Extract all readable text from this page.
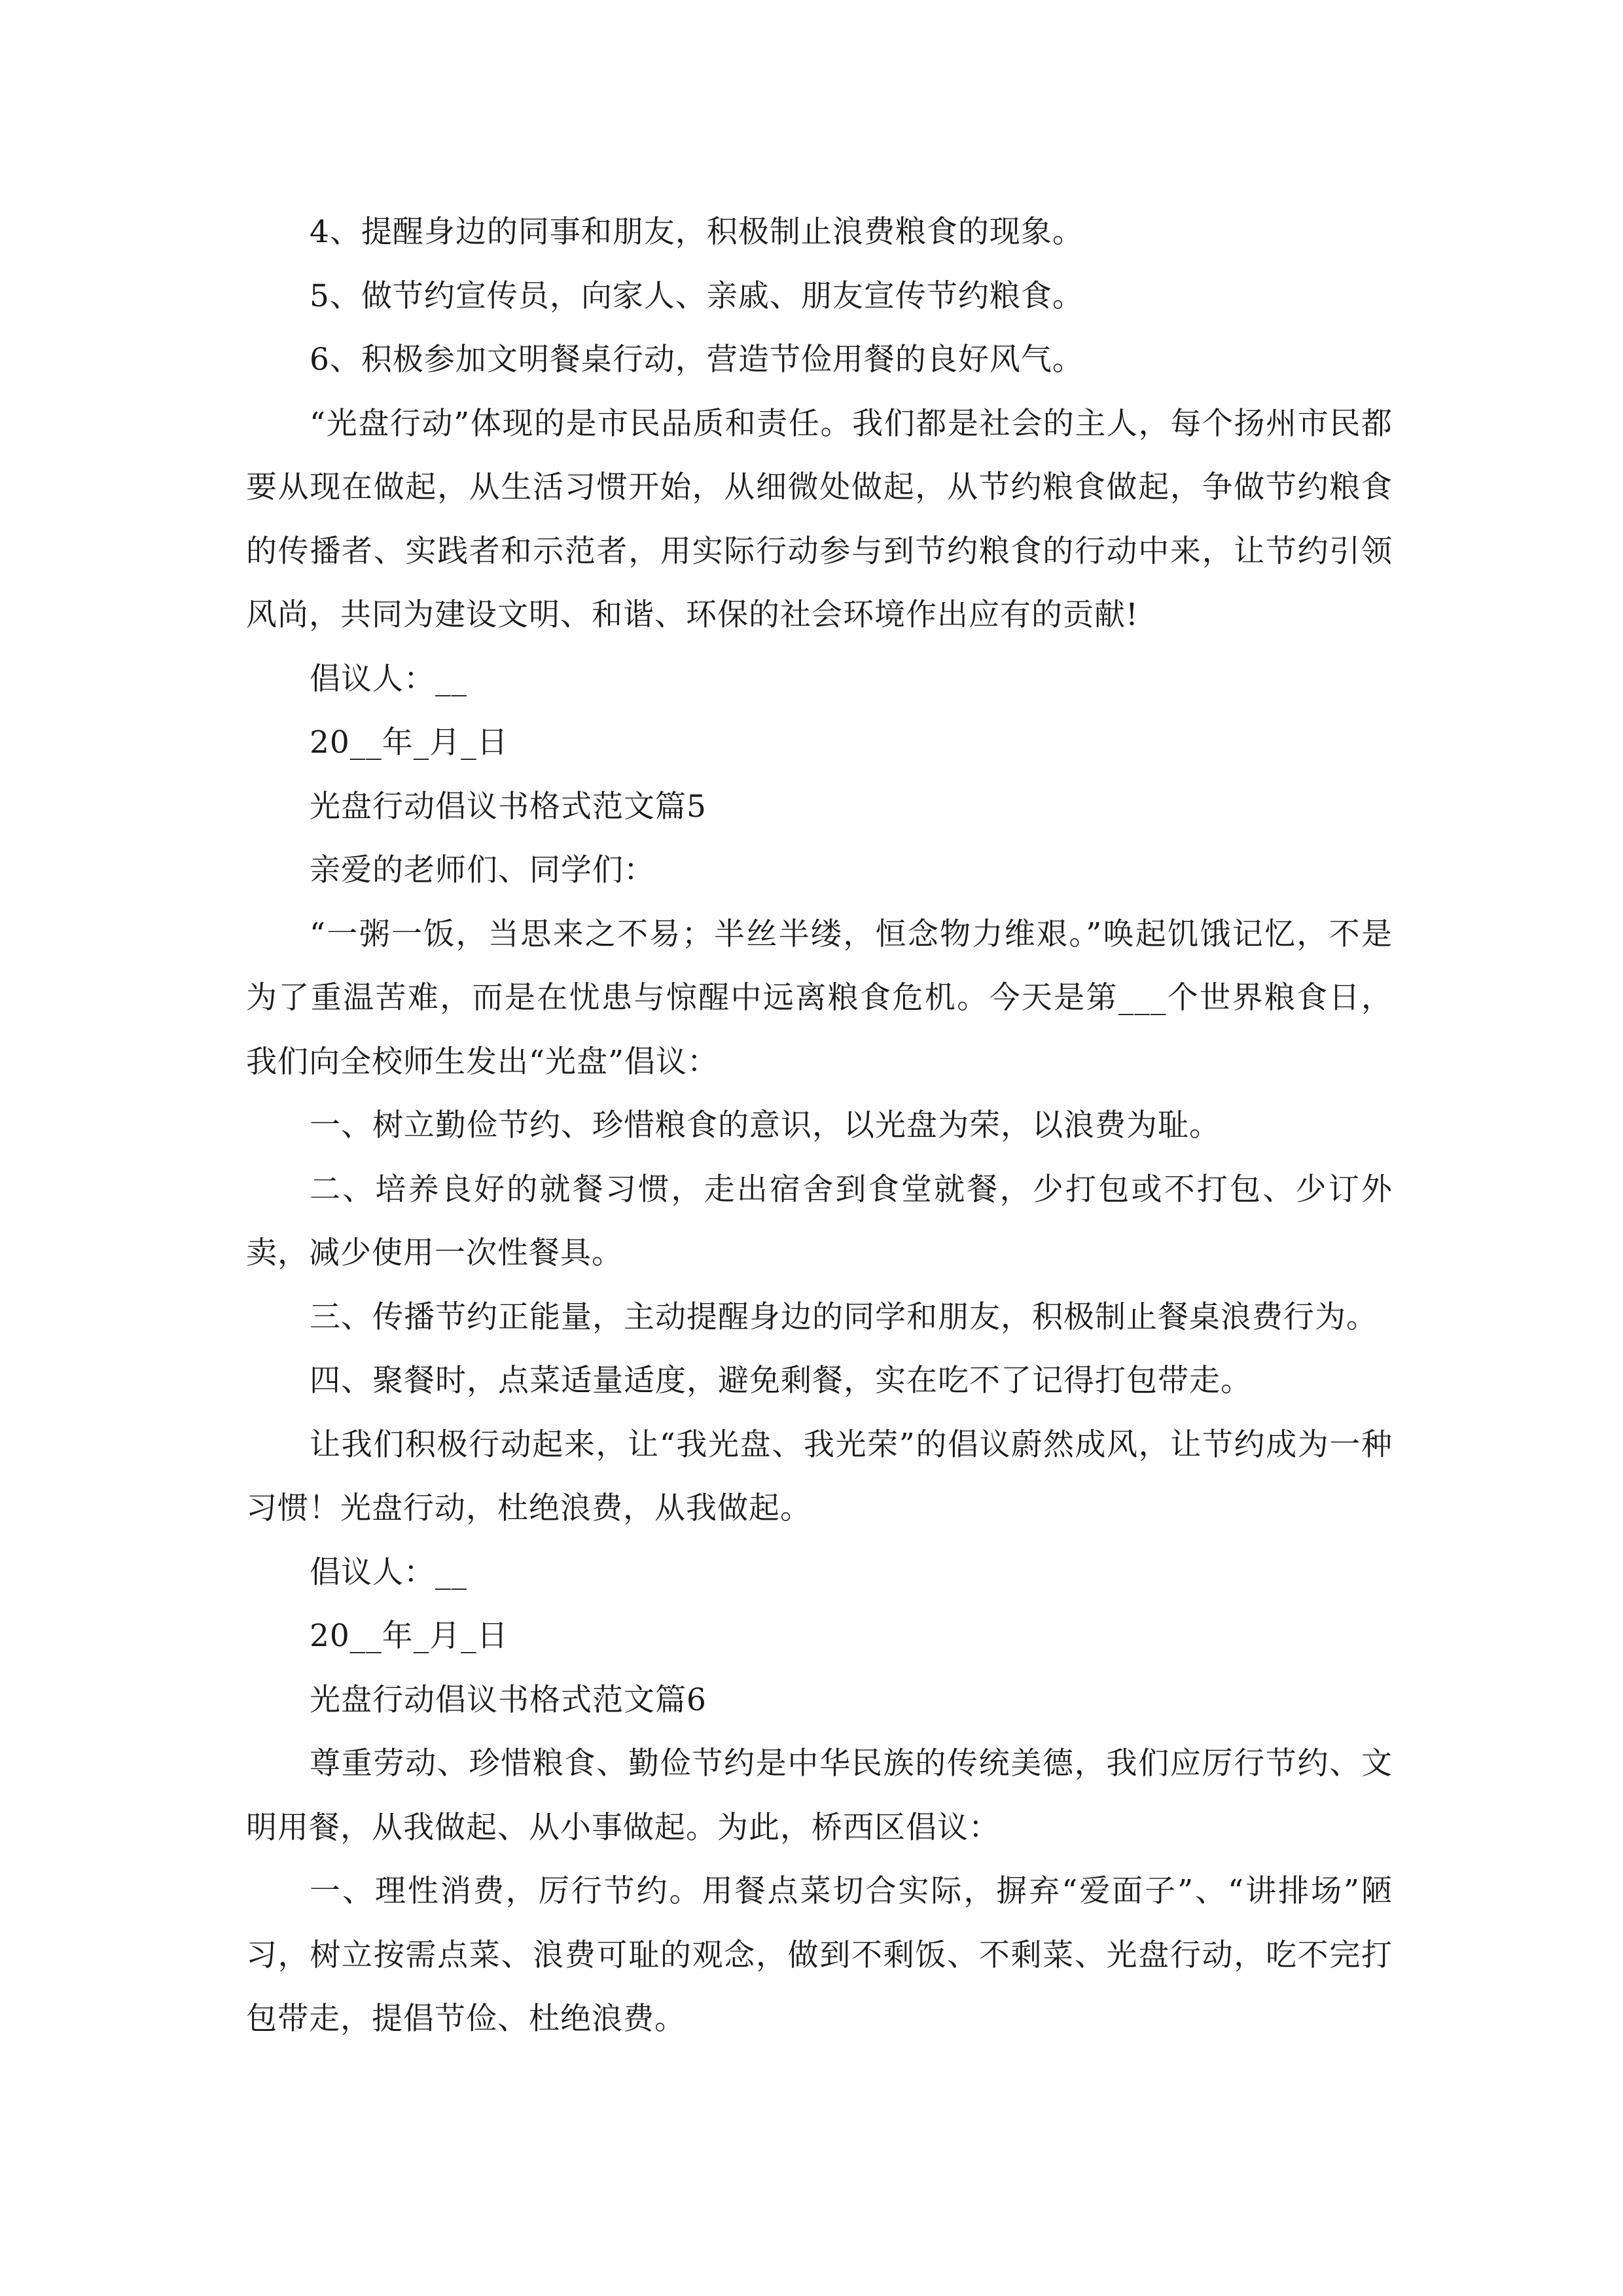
4、提醒身边的同事和朋友，积极制止浪费粮食的现象。

5、做节约宣传员，向家人、亲戚、朋友宣传节约粮食。

6、积极参加文明餐桌行动，营造节俭用餐的良好风气。

“光盘行动”体现的是市民品质和责任。我们都是社会的主人，每个扬州市民都要从现在做起，从生活习惯开始，从细微处做起，从节约粮食做起，争做节约粮食的传播者、实践者和示范者，用实际行动参与到节约粮食的行动中来，让节约引领风尚，共同为建设文明、和谐、环保的社会环境作出应有的贡献!

倡议人：__

20__年_月_日

光盘行动倡议书格式范文篇5

亲爱的老师们、同学们：

“一粥一饭，当思来之不易；半丝半缕，恒念物力维艰。”唤起饥饿记忆，不是为了重温苦难，而是在忧患与惊醒中远离粮食危机。今天是第___个世界粮食日，我们向全校师生发出“光盘”倡议：

一、树立勤俭节约、珍惜粮食的意识，以光盘为荣，以浪费为耻。

二、培养良好的就餐习惯，走出宿舍到食堂就餐，少打包或不打包、少订外卖，减少使用一次性餐具。

三、传播节约正能量，主动提醒身边的同学和朋友，积极制止餐桌浪费行为。

四、聚餐时，点菜适量适度，避免剩餐，实在吃不了记得打包带走。

让我们积极行动起来，让“我光盘、我光荣”的倡议蔚然成风，让节约成为一种习惯！光盘行动，杜绝浪费，从我做起。

倡议人：__

20__年_月_日

光盘行动倡议书格式范文篇6

尊重劳动、珍惜粮食、勤俭节约是中华民族的传统美德，我们应厉行节约、文明用餐，从我做起、从小事做起。为此，桥西区倡议：

一、理性消费，厉行节约。用餐点菜切合实际，摒弃“爱面子”、“讲排场”陋习，树立按需点菜、浪费可耻的观念，做到不剩饭、不剩菜、光盘行动，吃不完打包带走，提倡节俭、杜绝浪费。
